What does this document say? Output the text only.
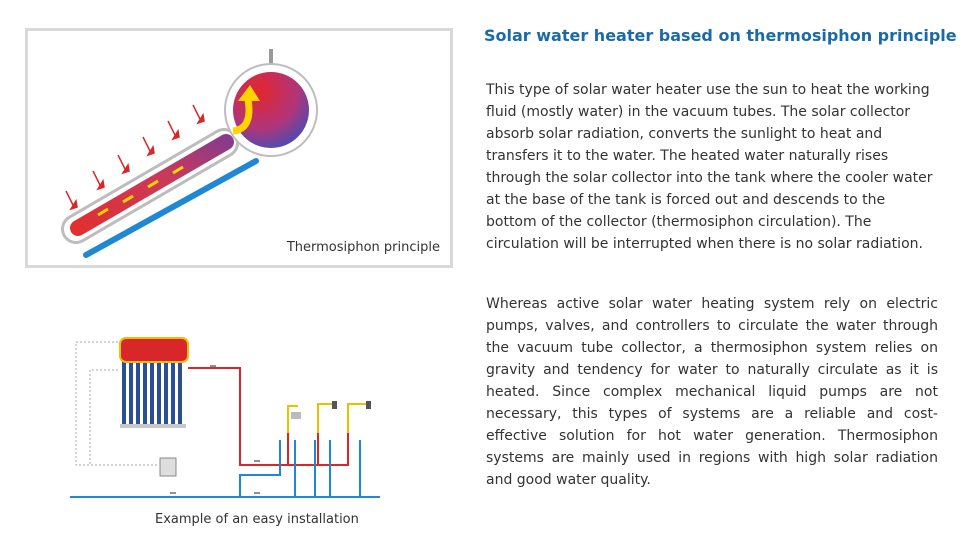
Thermosiphon principle
Example of an easy installation
Solar water heater based on thermosiphon principle

This type of solar water heater use the sun to heat the working fluid (mostly water) in the vacuum tubes. The solar collector absorb solar radiation, converts the sunlight to heat and transfers it to the water. The heated water naturally rises through the solar collector into the tank where the cooler water at the base of the tank is forced out and descends to the bottom of the collector (thermosiphon circulation). The circulation will be interrupted when there is no solar radiation.

Whereas active solar water heating system rely on electric pumps, valves, and controllers to circulate the water through the vacuum tube collector, a thermosiphon system relies on gravity and tendency for water to naturally circulate as it is heated. Since complex mechanical liquid pumps are not necessary, this types of systems are a reliable and cost-effective solution for hot water generation. Thermosiphon systems are mainly used in regions with high solar radiation and good water quality.
